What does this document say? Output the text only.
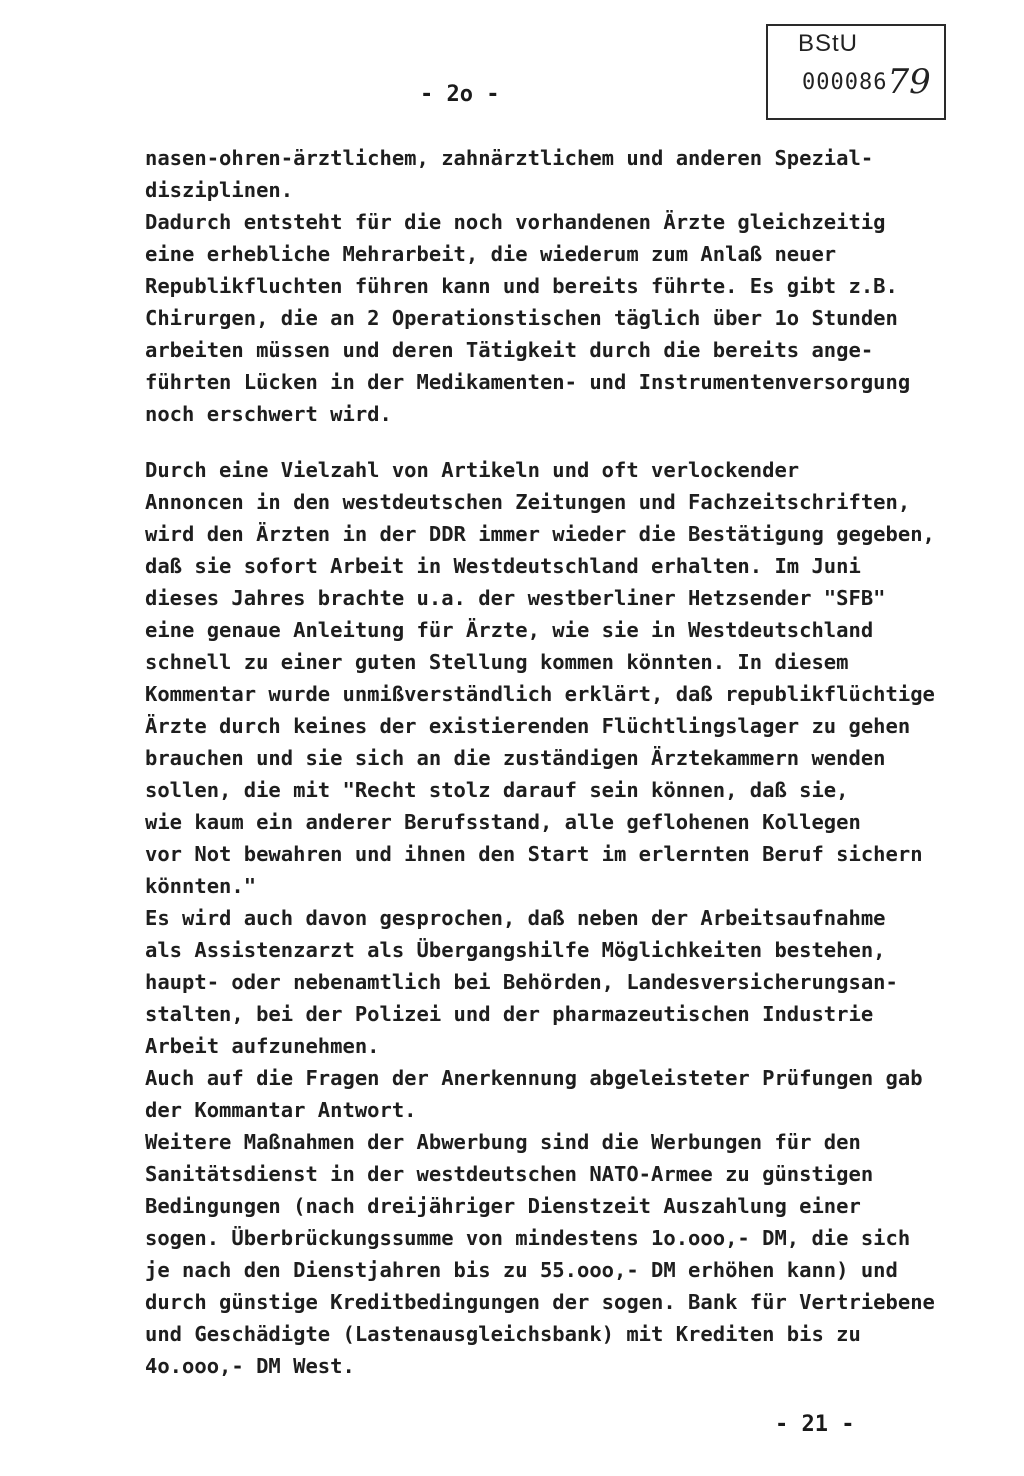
BStU
00008679
- 2o -
nasen-ohren-ärztlichem, zahnärztlichem und anderen Spezial-
disziplinen.
Dadurch entsteht für die noch vorhandenen Ärzte gleichzeitig
eine erhebliche Mehrarbeit, die wiederum zum Anlaß neuer
Republikfluchten führen kann und bereits führte. Es gibt z.B.
Chirurgen, die an 2 Operationstischen täglich über 1o Stunden
arbeiten müssen und deren Tätigkeit durch die bereits ange-
führten Lücken in der Medikamenten- und Instrumentenversorgung
noch erschwert wird.
Durch eine Vielzahl von Artikeln und oft verlockender
Annoncen in den westdeutschen Zeitungen und Fachzeitschriften,
wird den Ärzten in der DDR immer wieder die Bestätigung gegeben,
daß sie sofort Arbeit in Westdeutschland erhalten. Im Juni
dieses Jahres brachte u.a. der westberliner Hetzsender "SFB"
eine genaue Anleitung für Ärzte, wie sie in Westdeutschland
schnell zu einer guten Stellung kommen könnten. In diesem
Kommentar wurde unmißverständlich erklärt, daß republikflüchtige
Ärzte durch keines der existierenden Flüchtlingslager zu gehen
brauchen und sie sich an die zuständigen Ärztekammern wenden
sollen, die mit "Recht stolz darauf sein können, daß sie,
wie kaum ein anderer Berufsstand, alle geflohenen Kollegen
vor Not bewahren und ihnen den Start im erlernten Beruf sichern
könnten."
Es wird auch davon gesprochen, daß neben der Arbeitsaufnahme
als Assistenzarzt als Übergangshilfe Möglichkeiten bestehen,
haupt- oder nebenamtlich bei Behörden, Landesversicherungsan-
stalten, bei der Polizei und der pharmazeutischen Industrie
Arbeit aufzunehmen.
Auch auf die Fragen der Anerkennung abgeleisteter Prüfungen gab
der Kommantar Antwort.
Weitere Maßnahmen der Abwerbung sind die Werbungen für den
Sanitätsdienst in der westdeutschen NATO-Armee zu günstigen
Bedingungen (nach dreijähriger Dienstzeit Auszahlung einer
sogen. Überbrückungssumme von mindestens 1o.ooo,- DM, die sich
je nach den Dienstjahren bis zu 55.ooo,- DM erhöhen kann) und
durch günstige Kreditbedingungen der sogen. Bank für Vertriebene
und Geschädigte (Lastenausgleichsbank) mit Krediten bis zu
4o.ooo,- DM West.
- 21 -
